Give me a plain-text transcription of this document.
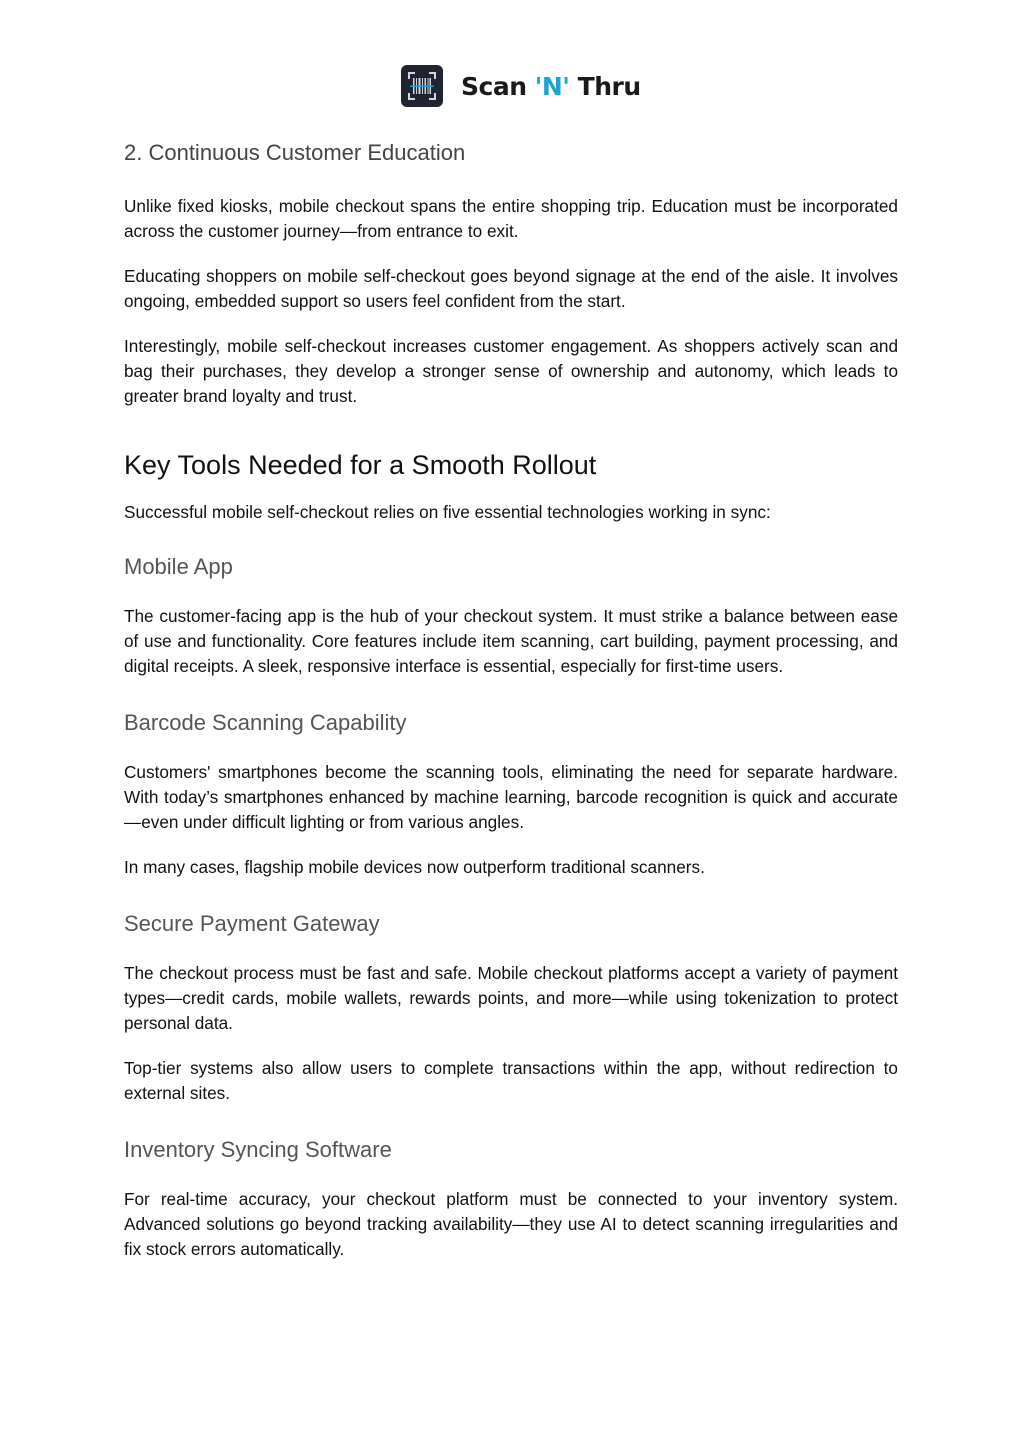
Scan 'N' Thru
2. Continuous Customer Education

Unlike fixed kiosks, mobile checkout spans the entire shopping trip. Education must be incorporated across the customer journey—from entrance to exit.

Educating shoppers on mobile self-checkout goes beyond signage at the end of the aisle. It involves ongoing, embedded support so users feel confident from the start.

Interestingly, mobile self-checkout increases customer engagement. As shoppers actively scan and bag their purchases, they develop a stronger sense of ownership and autonomy, which leads to greater brand loyalty and trust.

Key Tools Needed for a Smooth Rollout

Successful mobile self-checkout relies on five essential technologies working in sync:

Mobile App

The customer-facing app is the hub of your checkout system. It must strike a balance between ease of use and functionality. Core features include item scanning, cart building, payment processing, and digital receipts. A sleek, responsive interface is essential, especially for first-time users.

Barcode Scanning Capability

Customers' smartphones become the scanning tools, eliminating the need for separate hardware. With today’s smartphones enhanced by machine learning, barcode recognition is quick and accurate—even under difficult lighting or from various angles.

In many cases, flagship mobile devices now outperform traditional scanners.

Secure Payment Gateway

The checkout process must be fast and safe. Mobile checkout platforms accept a variety of payment types—credit cards, mobile wallets, rewards points, and more—while using tokenization to protect personal data.

Top-tier systems also allow users to complete transactions within the app, without redirection to external sites.

Inventory Syncing Software

For real-time accuracy, your checkout platform must be connected to your inventory system. Advanced solutions go beyond tracking availability—they use AI to detect scanning irregularities and fix stock errors automatically.
